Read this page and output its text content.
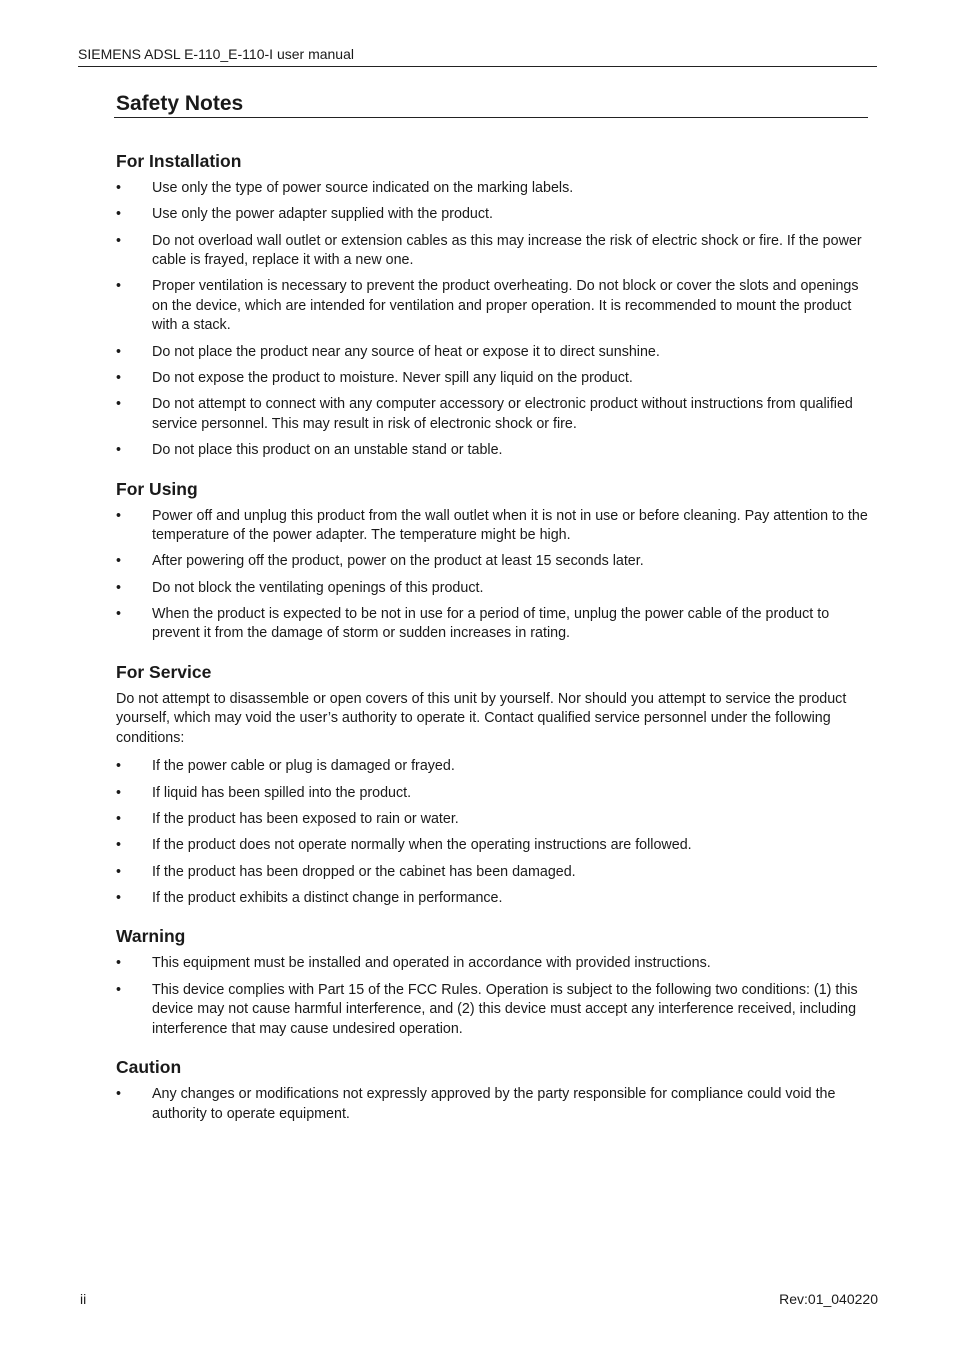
SIEMENS ADSL E-110_E-110-I user manual
Safety Notes
For Installation
•	Use only the type of power source indicated on the marking labels.
•	Use only the power adapter supplied with the product.
•	Do not overload wall outlet or extension cables as this may increase the risk of electric shock or fire. If the power cable is frayed, replace it with a new one.
•	Proper ventilation is necessary to prevent the product overheating. Do not block or cover the slots and openings on the device, which are intended for ventilation and proper operation. It is recommended to mount the product with a stack.
•	Do not place the product near any source of heat or expose it to direct sunshine.
•	Do not expose the product to moisture. Never spill any liquid on the product.
•	Do not attempt to connect with any computer accessory or electronic product without instructions from qualified service personnel. This may result in risk of electronic shock or fire.
•	Do not place this product on an unstable stand or table.
For Using
•	Power off and unplug this product from the wall outlet when it is not in use or before cleaning. Pay attention to the temperature of the power adapter. The temperature might be high.
•	After powering off the product, power on the product at least 15 seconds later.
•	Do not block the ventilating openings of this product.
•	When the product is expected to be not in use for a period of time, unplug the power cable of the product to prevent it from the damage of storm or sudden increases in rating.
For Service

Do not attempt to disassemble or open covers of this unit by yourself. Nor should you attempt to service the product yourself, which may void the user’s authority to operate it. Contact qualified service personnel under the following conditions:

•	If the power cable or plug is damaged or frayed.
•	If liquid has been spilled into the product.
•	If the product has been exposed to rain or water.
•	If the product does not operate normally when the operating instructions are followed.
•	If the product has been dropped or the cabinet has been damaged.
•	If the product exhibits a distinct change in performance.
Warning
•	This equipment must be installed and operated in accordance with provided instructions.
•	This device complies with Part 15 of the FCC Rules. Operation is subject to the following two conditions: (1) this device may not cause harmful interference, and (2) this device must accept any interference received, including interference that may cause undesired operation.
Caution
•	Any changes or modifications not expressly approved by the party responsible for compliance could void the authority to operate equipment.
ii	Rev:01_040220
